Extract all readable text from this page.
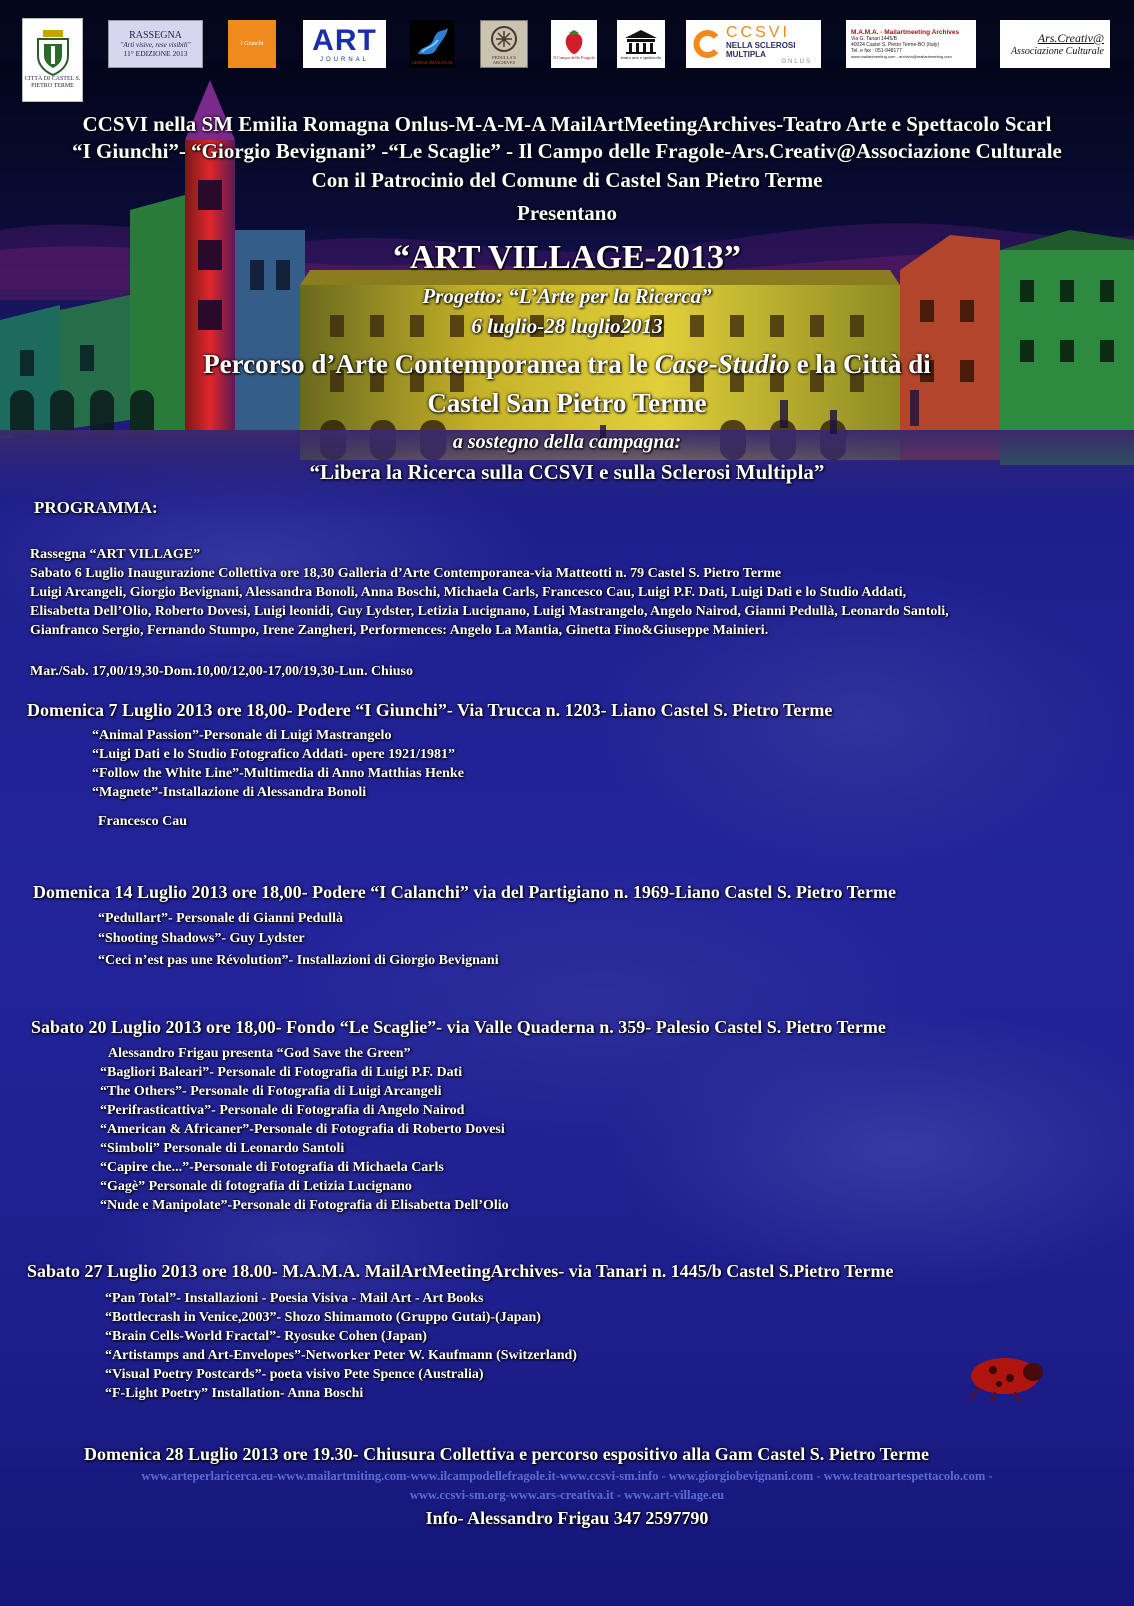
CITTÀ DI CASTEL S. PIETRO TERME
RASSEGNA
"Arti visive, rese visibili"
11° EDIZIONE 2013
I Giunchi ART
JOURNAL	GIORGIO BEVIGNANI
PEDULLA'S ARCHIVES
Il Campo delle Fragole	teatro arte e spettacolo
CCSVI
NELLA SCLEROSI MULTIPLA
ONLUS
M.A.M.A. - Mailartmeeting Archives
Via G. Tanari 1445/B
40024 Castel S. Pietro Terme-BO (Italy)
Tel. e fax : 051-948177
www.mailartmeeting.com - archivio@mailartmeeting.com
Ars.Creativ@
Associazione Culturale
CCSVI nella SM Emilia Romagna Onlus-M-A-M-A MailArtMeetingArchives-Teatro Arte e Spettacolo Scarl
“I Giunchi”- “Giorgio Bevignani” -“Le Scaglie” - Il Campo delle Fragole-Ars.Creativ@Associazione Culturale
Con il Patrocinio del Comune di Castel San Pietro Terme
Presentano
“ART VILLAGE-2013”
Progetto: “L’Arte per la Ricerca”
6 luglio-28 luglio2013
Percorso d’Arte Contemporanea tra le Case-Studio e la Città di
Castel San Pietro Terme
a sostegno della campagna:
“Libera la Ricerca sulla CCSVI e sulla Sclerosi Multipla”
PROGRAMMA:
Rassegna “ART VILLAGE”
Sabato 6 Luglio Inaugurazione Collettiva ore 18,30 Galleria d’Arte Contemporanea-via Matteotti n. 79 Castel S. Pietro Terme
Luigi Arcangeli, Giorgio Bevignani, Alessandra Bonoli, Anna Boschi, Michaela Carls, Francesco Cau, Luigi P.F. Dati, Luigi Dati e lo Studio Addati,
Elisabetta Dell’Olio, Roberto Dovesi, Luigi leonidi, Guy Lydster, Letizia Lucignano, Luigi Mastrangelo, Angelo Nairod, Gianni Pedullà, Leonardo Santoli,
Gianfranco Sergio, Fernando Stumpo, Irene Zangheri, Performences: Angelo La Mantia, Ginetta Fino&Giuseppe Mainieri.
Mar./Sab. 17,00/19,30-Dom.10,00/12,00-17,00/19,30-Lun. Chiuso
Domenica 7 Luglio 2013 ore 18,00- Podere “I Giunchi”- Via Trucca n. 1203- Liano Castel S. Pietro Terme
“Animal Passion”-Personale di Luigi Mastrangelo
“Luigi Dati e lo Studio Fotografico Addati- opere 1921/1981”
“Follow the White Line”-Multimedia di Anno Matthias Henke
“Magnete”-Installazione di Alessandra Bonoli
Francesco Cau
Domenica 14 Luglio 2013 ore 18,00- Podere “I Calanchi” via del Partigiano n. 1969-Liano Castel S. Pietro Terme
“Pedullart”- Personale di Gianni Pedullà
“Shooting Shadows”- Guy Lydster
“Ceci n’est pas une Révolution”- Installazioni di Giorgio Bevignani
Sabato 20 Luglio 2013 ore 18,00- Fondo “Le Scaglie”- via Valle Quaderna n. 359- Palesio Castel S. Pietro Terme
Alessandro Frigau presenta “God Save the Green”
“Bagliori Baleari”- Personale di Fotografia di Luigi P.F. Dati
“The Others”- Personale di Fotografia di Luigi Arcangeli
“Perifrasticattiva”- Personale di Fotografia di Angelo Nairod
“American & Africaner”-Personale di Fotografia di Roberto Dovesi
“Simboli” Personale di Leonardo Santoli
“Capire che...”-Personale di Fotografia di Michaela Carls
“Gagè” Personale di fotografia di Letizia Lucignano
“Nude e Manipolate”-Personale di Fotografia di Elisabetta Dell’Olio
Sabato 27 Luglio 2013 ore 18.00- M.A.M.A. MailArtMeetingArchives- via Tanari n. 1445/b Castel S.Pietro Terme
“Pan Total”- Installazioni - Poesia Visiva - Mail Art - Art Books
“Bottlecrash in Venice,2003”- Shozo Shimamoto (Gruppo Gutai)-(Japan)
“Brain Cells-World Fractal”- Ryosuke Cohen (Japan)
“Artistamps and Art-Envelopes”-Networker Peter W. Kaufmann (Switzerland)
“Visual Poetry Postcards”- poeta visivo Pete Spence (Australia)
“F-Light Poetry” Installation- Anna Boschi
Domenica 28 Luglio 2013 ore 19.30- Chiusura Collettiva e percorso espositivo alla Gam Castel S. Pietro Terme
www.arteperlaricerca.eu-www.mailartmiting.com-www.ilcampodellefragole.it-www.ccsvi-sm.info - www.giorgiobevignani.com - www.teatroartespettacolo.com -
www.ccsvi-sm.org-www.ars-creativa.it - www.art-village.eu
Info- Alessandro Frigau 347 2597790
